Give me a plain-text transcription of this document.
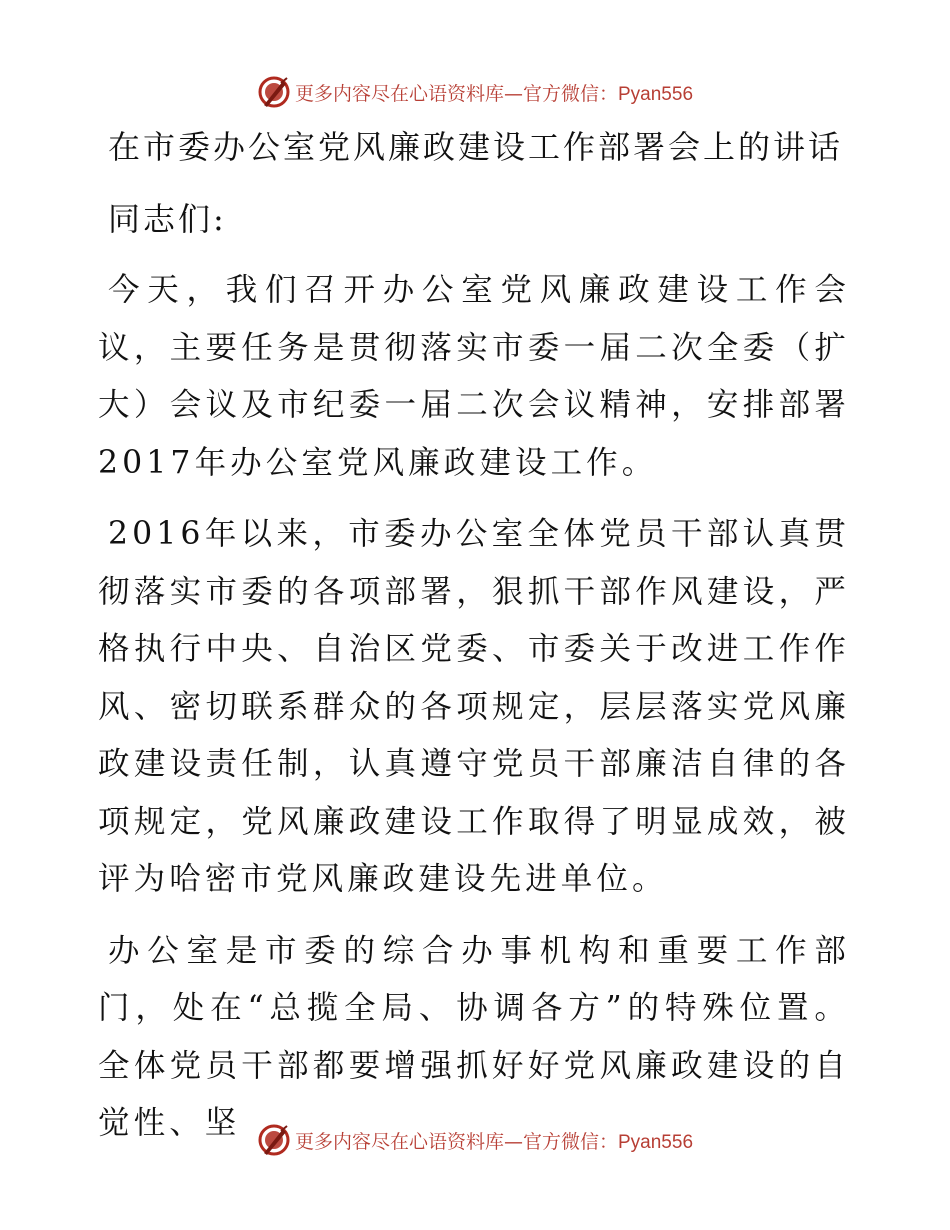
更多内容尽在心语资料库—官方微信：Pyan556
在市委办公室党风廉政建设工作部署会上的讲话

同志们:

今天，我们召开办公室党风廉政建设工作会议，主要任务是贯彻落实市委一届二次全委（扩大）会议及市纪委一届二次会议精神，安排部署2017年办公室党风廉政建设工作。

2016年以来，市委办公室全体党员干部认真贯彻落实市委的各项部署，狠抓干部作风建设，严格执行中央、自治区党委、市委关于改进工作作风、密切联系群众的各项规定，层层落实党风廉政建设责任制，认真遵守党员干部廉洁自律的各项规定，党风廉政建设工作取得了明显成效，被评为哈密市党风廉政建设先进单位。

办公室是市委的综合办事机构和重要工作部门，处在“总揽全局、协调各方”的特殊位置。全体党员干部都要增强抓好好党风廉政建设的自觉性、坚

更多内容尽在心语资料库—官方微信：Pyan556
